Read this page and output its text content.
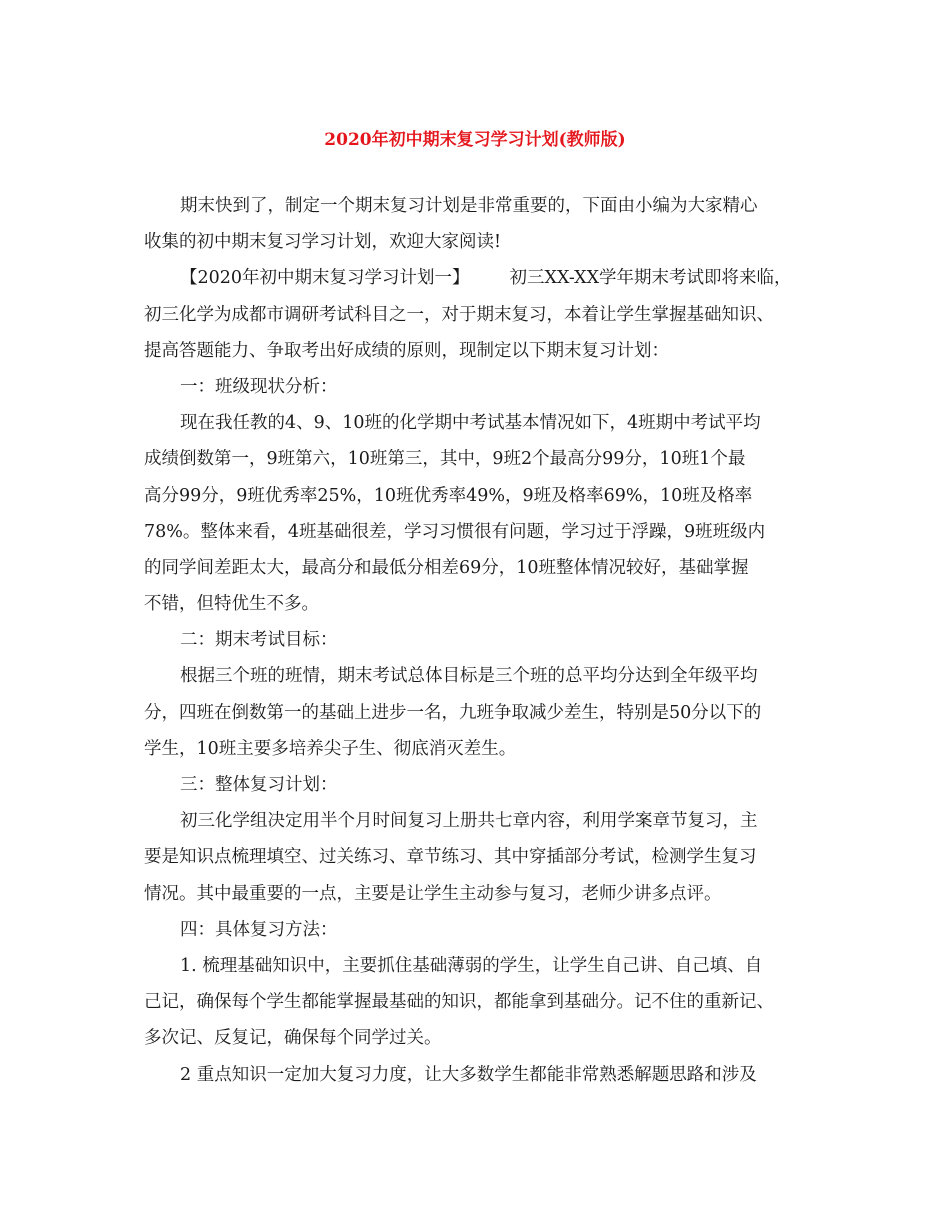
2020年初中期末复习学习计划(教师版)
期末快到了，制定一个期末复习计划是非常重要的，下面由小编为大家精心
收集的初中期末复习学习计划，欢迎大家阅读!
【2020年初中期末复习学习计划一】 初三XX-XX学年期末考试即将来临，
初三化学为成都市调研考试科目之一，对于期末复习，本着让学生掌握基础知识、
提高答题能力、争取考出好成绩的原则，现制定以下期末复习计划：
一：班级现状分析：
现在我任教的4、9、10班的化学期中考试基本情况如下，4班期中考试平均
成绩倒数第一，9班第六，10班第三，其中，9班2个最高分99分，10班1个最
高分99分，9班优秀率25%，10班优秀率49%，9班及格率69%，10班及格率
78%。整体来看，4班基础很差，学习习惯很有问题，学习过于浮躁，9班班级内
的同学间差距太大，最高分和最低分相差69分，10班整体情况较好，基础掌握
不错，但特优生不多。
二：期末考试目标：
根据三个班的班情，期末考试总体目标是三个班的总平均分达到全年级平均
分，四班在倒数第一的基础上进步一名，九班争取减少差生，特别是50分以下的
学生，10班主要多培养尖子生、彻底消灭差生。
三：整体复习计划：
初三化学组决定用半个月时间复习上册共七章内容，利用学案章节复习，主
要是知识点梳理填空、过关练习、章节练习、其中穿插部分考试，检测学生复习
情况。其中最重要的一点，主要是让学生主动参与复习，老师少讲多点评。
四：具体复习方法：
1. 梳理基础知识中，主要抓住基础薄弱的学生，让学生自己讲、自己填、自
己记，确保每个学生都能掌握最基础的知识，都能拿到基础分。记不住的重新记、
多次记、反复记，确保每个同学过关。
2 重点知识一定加大复习力度，让大多数学生都能非常熟悉解题思路和涉及
